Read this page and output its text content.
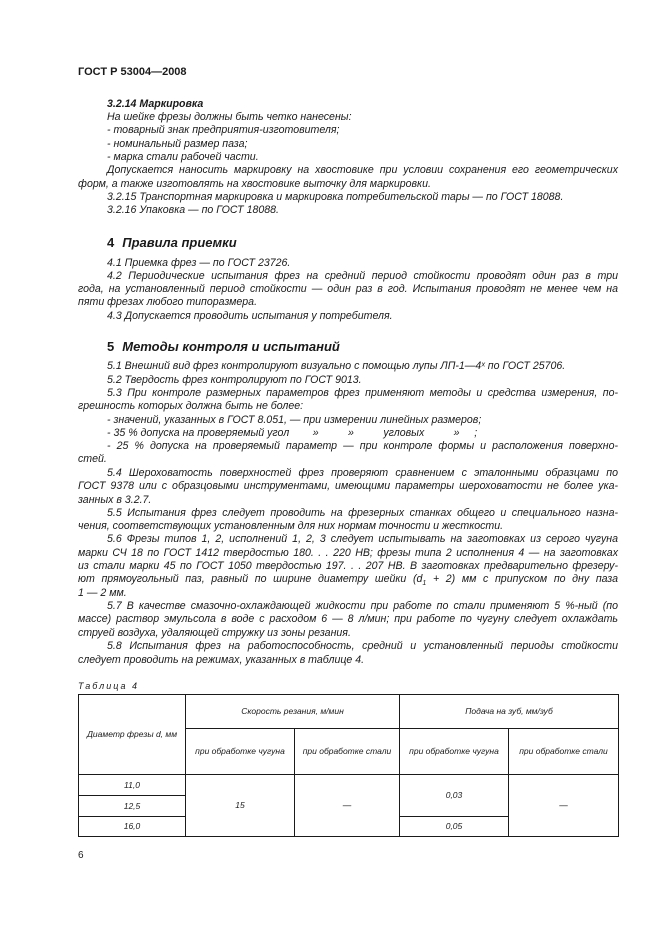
ГОСТ Р 53004—2008
3.2.14 Маркировка
На шейке фрезы должны быть четко нанесены:
- товарный знак предприятия-изготовителя;
- номинальный размер паза;
- марка стали рабочей части.
Допускается наносить маркировку на хвостовике при условии сохранения его геометрических
форм, а также изготовлять на хвостовике выточку для маркировки.
3.2.15 Транспортная маркировка и маркировка потребительской тары — по ГОСТ 18088.
3.2.16 Упаковка — по ГОСТ 18088.
4 Правила приемки
4.1 Приемка фрез — по ГОСТ 23726.
4.2 Периодические испытания фрез на средний период стойкости проводят один раз в три
года, на установленный период стойкости — один раз в год. Испытания проводят не менее чем на
пяти фрезах любого типоразмера.
4.3 Допускается проводить испытания у потребителя.
5 Методы контроля и испытаний
5.1 Внешний вид фрез контролируют визуально с помощью лупы ЛП-1—4ˣ по ГОСТ 25706.
5.2 Твердость фрез контролируют по ГОСТ 9013.
5.3 При контроле размерных параметров фрез применяют методы и средства измерения, по-
грешность которых должна быть не более:
- значений, указанных в ГОСТ 8.051, — при измерении линейных размеров;
- 35 % допуска на проверяемый угол        »          »          угловых          »     ;
- 25 % допуска на проверяемый параметр — при контроле формы и расположения поверхно-
стей.
5.4 Шероховатость поверхностей фрез проверяют сравнением с эталонными образцами по
ГОСТ 9378 или с образцовыми инструментами, имеющими параметры шероховатости не более ука-
занных в 3.2.7.
5.5 Испытания фрез следует проводить на фрезерных станках общего и специального назна-
чения, соответствующих установленным для них нормам точности и жесткости.
5.6 Фрезы типов 1, 2, исполнений 1, 2, 3 следует испытывать на заготовках из серого чугуна
марки СЧ 18 по ГОСТ 1412 твердостью 180. . . 220 НВ; фрезы типа 2 исполнения 4 — на заготовках
из стали марки 45 по ГОСТ 1050 твердостью 197. . . 207 НВ. В заготовках предварительно фрезеру-
ют прямоугольный паз, равный по ширине диаметру шейки $(d_1 + 2)$ мм с припуском по дну паза
1 — 2 мм.
5.7 В качестве смазочно-охлаждающей жидкости при работе по стали применяют 5 %-ный (по
массе) раствор эмульсола в воде с расходом 6 — 8 л/мин; при работе по чугуну следует охлаждать
струей воздуха, удаляющей стружку из зоны резания.
5.8 Испытания фрез на работоспособность, средний и установленный периоды стойкости
следует проводить на режимах, указанных в таблице 4.
Таблица 4
Диаметр фрезы d, мм	Скорость резания, м/мин		Подача на зуб, мм/зуб	
	при обработке чугуна	при обработке стали	при обработке чугуна	при обработке стали
11,0	15	—	0,03	—
12,5				
16,0			0,05	
6
